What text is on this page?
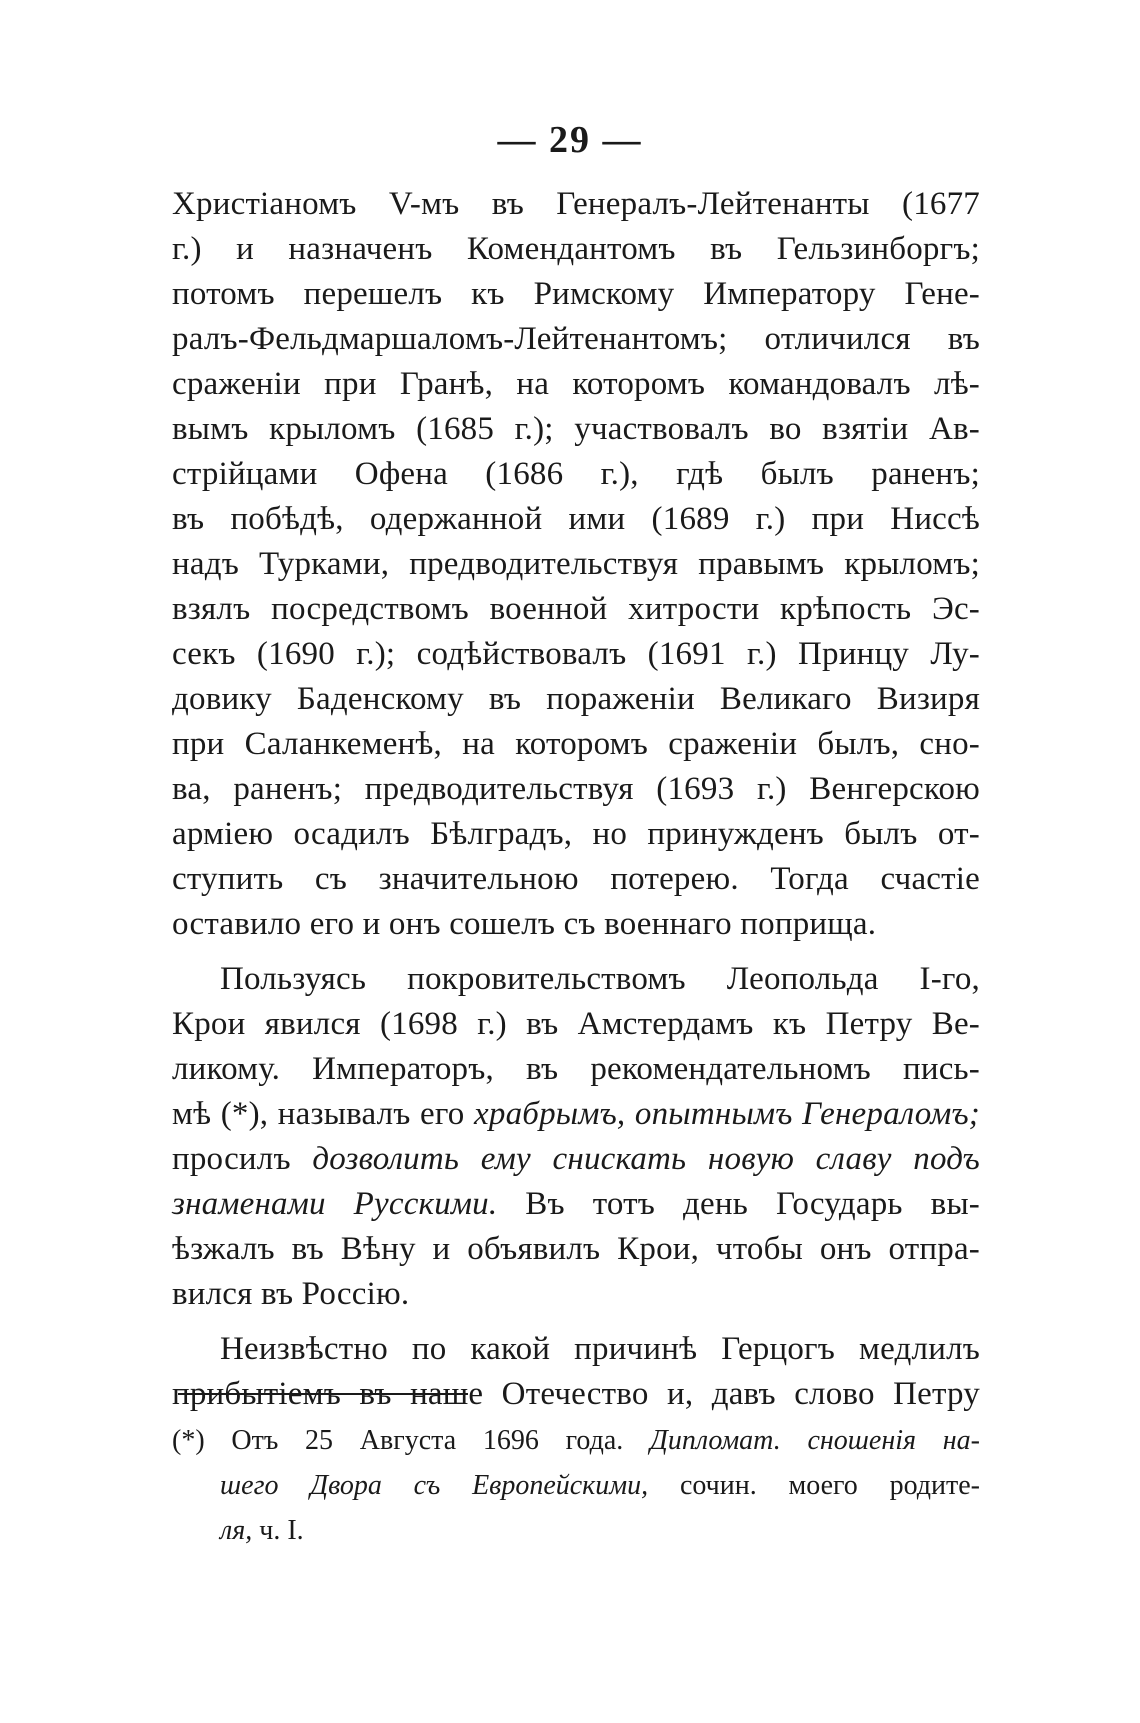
— 29 —
Христіаномъ V-мъ въ Генералъ-Лейтенанты (1677
г.) и назначенъ Комендантомъ въ Гельзинборгъ;
потомъ перешелъ къ Римскому Императору Гене-
ралъ-Фельдмаршаломъ-Лейтенантомъ; отличился въ
сраженіи при Гранѣ, на которомъ командовалъ лѣ-
вымъ крыломъ (1685 г.); участвовалъ во взятіи Ав-
стрійцами Офена (1686 г.), гдѣ былъ раненъ;
въ побѣдѣ, одержанной ими (1689 г.) при Ниссѣ
надъ Турками, предводительствуя правымъ крыломъ;
взялъ посредствомъ военной хитрости крѣпость Эс-
секъ (1690 г.); содѣйствовалъ (1691 г.) Принцу Лу-
довику Баденскому въ пораженіи Великаго Визиря
при Саланкеменѣ, на которомъ сраженіи былъ, сно-
ва, раненъ; предводительствуя (1693 г.) Венгерскою
арміею осадилъ Бѣлградъ, но принужденъ былъ от-
ступить съ значительною потерею. Тогда счастіе
оставило его и онъ сошелъ съ военнаго поприща.
Пользуясь покровительствомъ Леопольда I-го,
Крои явился (1698 г.) въ Амстердамъ къ Петру Ве-
ликому. Императоръ, въ рекомендательномъ пись-
мѣ (*), называлъ его храбрымъ, опытнымъ Генераломъ;
просилъ дозволить ему снискать новую славу подъ
знаменами Русскими. Въ тотъ день Государь вы-
ѣзжалъ въ Вѣну и объявилъ Крои, чтобы онъ отпра-
вился въ Россію.
Неизвѣстно по какой причинѣ Герцогъ медлилъ
прибытіемъ въ наше Отечество и, давъ слово Петру
(*) Отъ 25 Августа 1696 года. Дипломат. сношенія на-
шего Двора съ Европейскими, сочин. моего родите-
ля, ч. I.
